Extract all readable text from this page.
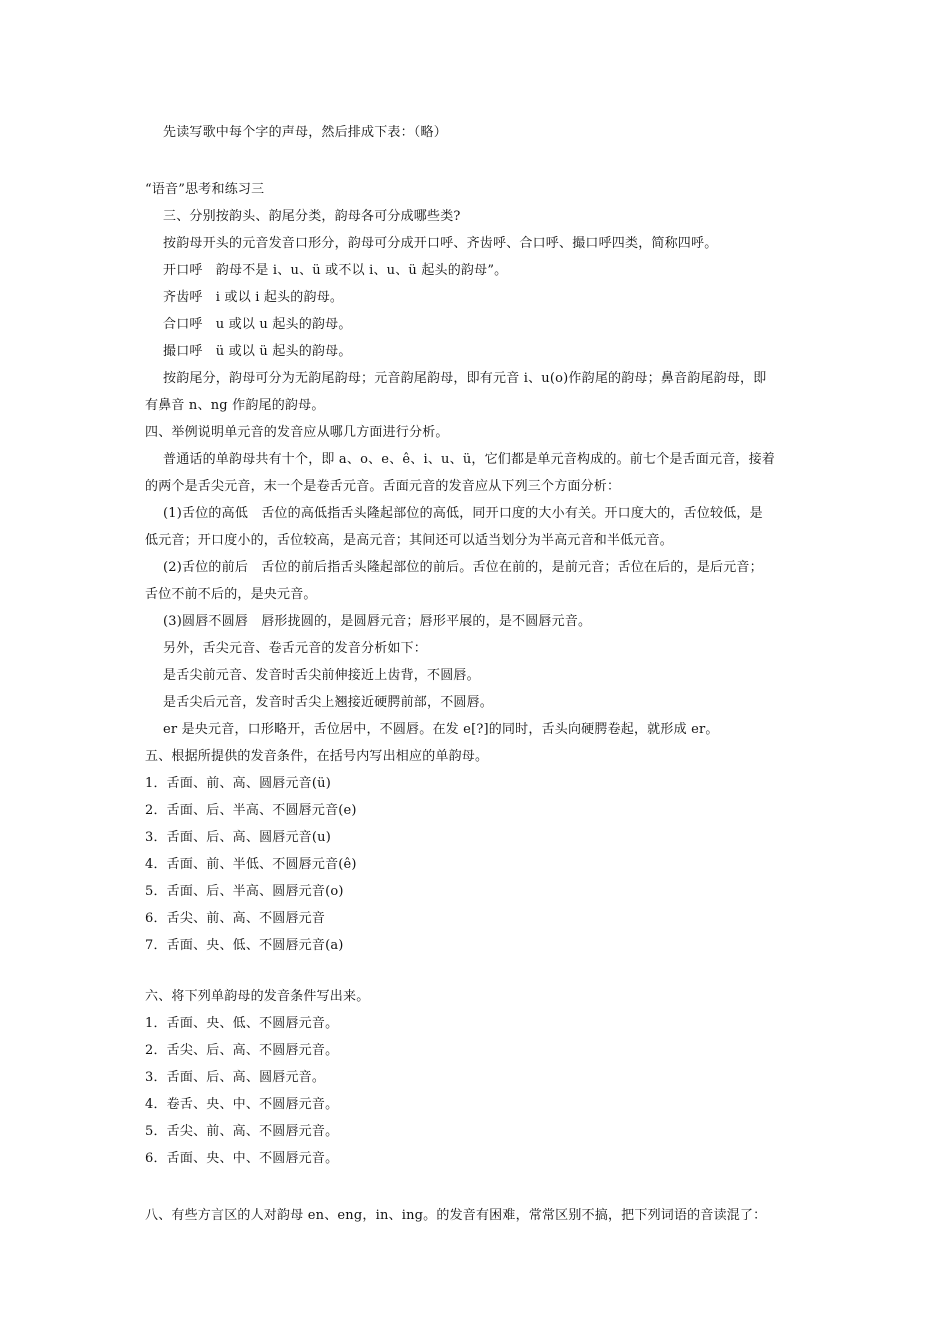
先读写歌中每个字的声母，然后排成下表：（略）
“语音”思考和练习三
三、分别按韵头、韵尾分类，韵母各可分成哪些类?
按韵母开头的元音发音口形分，韵母可分成开口呼、齐齿呼、合口呼、撮口呼四类，简称四呼。
开口呼　韵母不是 i、u、ü 或不以 i、u、ü 起头的韵母”。
齐齿呼　i 或以 i 起头的韵母。
合口呼　u 或以 u 起头的韵母。
撮口呼　ü 或以 ü 起头的韵母。
按韵尾分，韵母可分为无韵尾韵母；元音韵尾韵母，即有元音 i、u(o)作韵尾的韵母；鼻音韵尾韵母，即
有鼻音 n、ng 作韵尾的韵母。
四、举例说明单元音的发音应从哪几方面进行分析。
普通话的单韵母共有十个，即 a、o、e、ê、i、u、ü，它们都是单元音构成的。前七个是舌面元音，接着
的两个是舌尖元音，末一个是卷舌元音。舌面元音的发音应从下列三个方面分析：
(1)舌位的高低　舌位的高低指舌头隆起部位的高低，同开口度的大小有关。开口度大的，舌位较低，是
低元音；开口度小的，舌位较高，是高元音；其间还可以适当划分为半高元音和半低元音。
(2)舌位的前后　舌位的前后指舌头隆起部位的前后。舌位在前的，是前元音；舌位在后的，是后元音；
舌位不前不后的，是央元音。
(3)圆唇不圆唇　唇形拢圆的，是圆唇元音；唇形平展的，是不圆唇元音。
另外，舌尖元音、卷舌元音的发音分析如下：
是舌尖前元音、发音时舌尖前伸接近上齿背，不圆唇。
是舌尖后元音，发音时舌尖上翘接近硬腭前部，不圆唇。
er 是央元音，口形略开，舌位居中，不圆唇。在发 e[?]的同时，舌头向硬腭卷起，就形成 er。
五、根据所提供的发音条件，在括号内写出相应的单韵母。
1．舌面、前、高、圆唇元音(ü)
2．舌面、后、半高、不圆唇元音(e)
3．舌面、后、高、圆唇元音(u)
4．舌面、前、半低、不圆唇元音(ê)
5．舌面、后、半高、圆唇元音(o)
6．舌尖、前、高、不圆唇元音
7．舌面、央、低、不圆唇元音(a)
六、将下列单韵母的发音条件写出来。
1．舌面、央、低、不圆唇元音。
2．舌尖、后、高、不圆唇元音。
3．舌面、后、高、圆唇元音。
4．卷舌、央、中、不圆唇元音。
5．舌尖、前、高、不圆唇元音。
6．舌面、央、中、不圆唇元音。
八、有些方言区的人对韵母 en、eng，in、ing。的发音有困难，常常区别不搞，把下列词语的音读混了：
